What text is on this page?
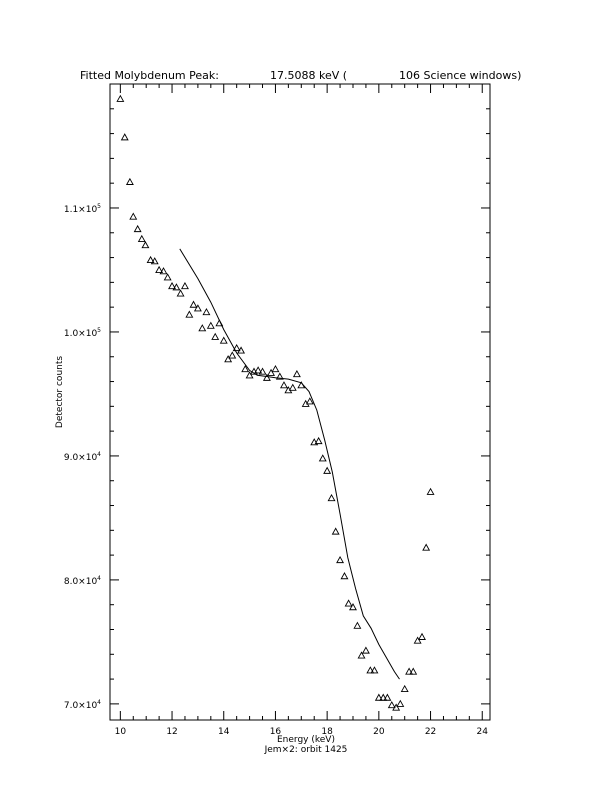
Fitted Molybdenum Peak:	17.5088 keV (	106 Science windows)
10	12	14	16	18	20	22	24
$7.0\times 10^4$
$8.0\times 10^4$
$9.0\times 10^4$
$1.0\times 10^5$
$1.1\times 10^5$
Energy (keV)
Jem×2: orbit 1425
Detector counts
